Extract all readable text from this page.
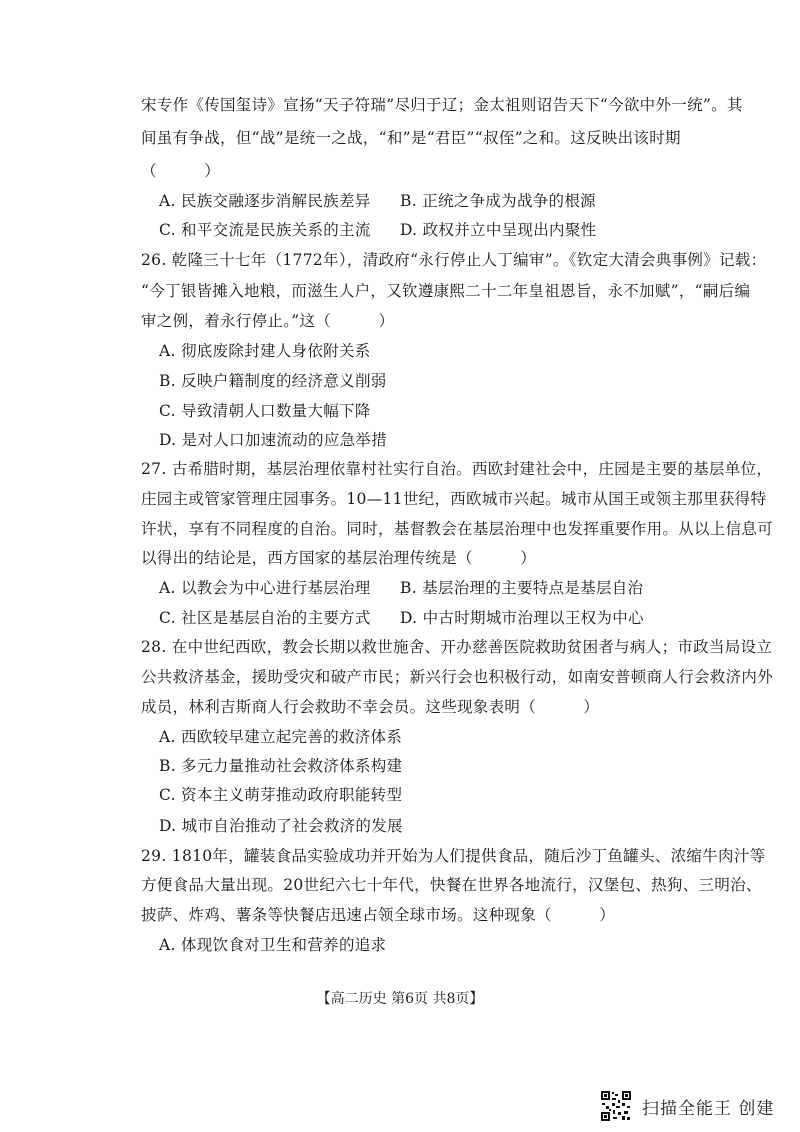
宋专作《传国玺诗》宣扬“天子符瑞”尽归于辽；金太祖则诏告天下“今欲中外一统”。其
间虽有争战，但“战”是统一之战，“和”是“君臣”“叔侄”之和。这反映出该时期
（　　　）
A. 民族交融逐步消解民族差异 B. 正统之争成为战争的根源
C. 和平交流是民族关系的主流 D. 政权并立中呈现出内聚性
26. 乾隆三十七年（1772年），清政府“永行停止人丁编审”。《钦定大清会典事例》记载：
“今丁银皆摊入地粮，而滋生人户，又钦遵康熙二十二年皇祖恩旨，永不加赋”，“嗣后编
审之例，着永行停止。”这（　　　）
A. 彻底废除封建人身依附关系
B. 反映户籍制度的经济意义削弱
C. 导致清朝人口数量大幅下降
D. 是对人口加速流动的应急举措
27. 古希腊时期，基层治理依靠村社实行自治。西欧封建社会中，庄园是主要的基层单位，
庄园主或管家管理庄园事务。10—11世纪，西欧城市兴起。城市从国王或领主那里获得特
许状，享有不同程度的自治。同时，基督教会在基层治理中也发挥重要作用。从以上信息可
以得出的结论是，西方国家的基层治理传统是（　　　）
A. 以教会为中心进行基层治理 B. 基层治理的主要特点是基层自治
C. 社区是基层自治的主要方式 D. 中古时期城市治理以王权为中心
28. 在中世纪西欧，教会长期以救世施舍、开办慈善医院救助贫困者与病人；市政当局设立
公共救济基金，援助受灾和破产市民；新兴行会也积极行动，如南安普顿商人行会救济内外
成员，林利吉斯商人行会救助不幸会员。这些现象表明（　　　）
A. 西欧较早建立起完善的救济体系
B. 多元力量推动社会救济体系构建
C. 资本主义萌芽推动政府职能转型
D. 城市自治推动了社会救济的发展
29. 1810年，罐装食品实验成功并开始为人们提供食品，随后沙丁鱼罐头、浓缩牛肉汁等
方便食品大量出现。20世纪六七十年代，快餐在世界各地流行，汉堡包、热狗、三明治、
披萨、炸鸡、薯条等快餐店迅速占领全球市场。这种现象（　　　）
A. 体现饮食对卫生和营养的追求
【高二历史 第6页 共8页】
扫描全能王 创建
